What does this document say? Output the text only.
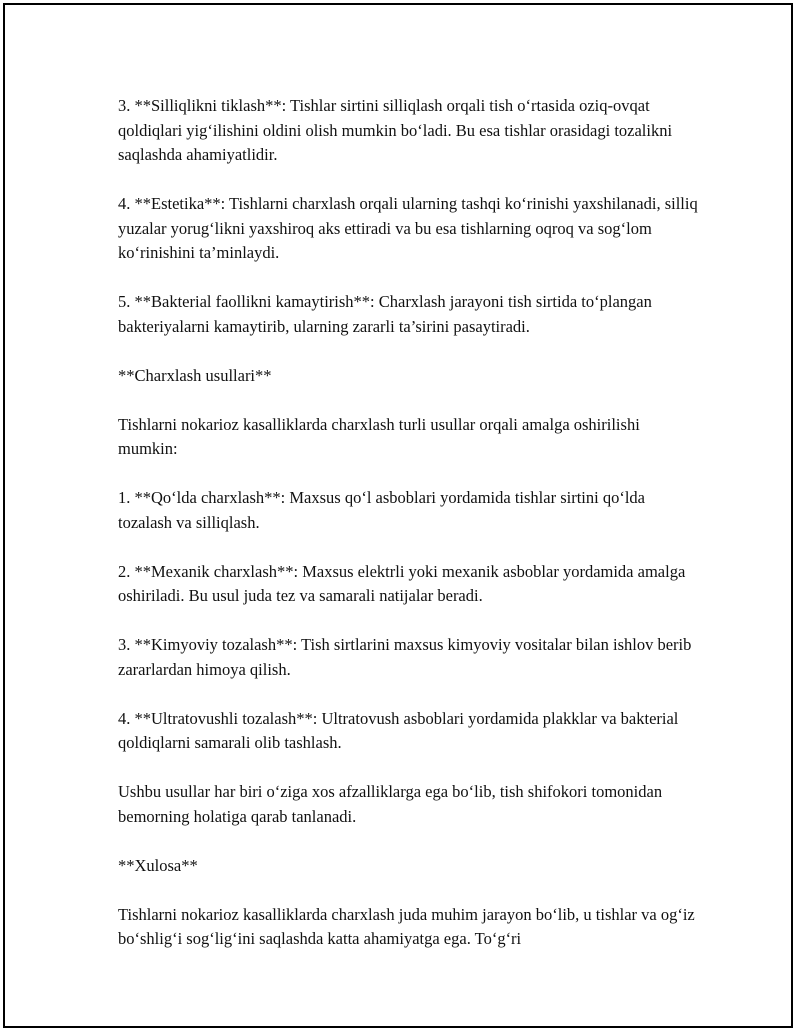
3. **Silliqlikni tiklash**: Tishlar sirtini silliqlash orqali tish o‘rtasida oziq-ovqat qoldiqlari yig‘ilishini oldini olish mumkin bo‘ladi. Bu esa tishlar orasidagi tozalikni saqlashda ahamiyatlidir.

4. **Estetika**: Tishlarni charxlash orqali ularning tashqi ko‘rinishi yaxshilanadi, silliq yuzalar yorug‘likni yaxshiroq aks ettiradi va bu esa tishlarning oqroq va sog‘lom ko‘rinishini ta’minlaydi.

5. **Bakterial faollikni kamaytirish**: Charxlash jarayoni tish sirtida to‘plangan bakteriyalarni kamaytirib, ularning zararli ta’sirini pasaytiradi.

**Charxlash usullari**

Tishlarni nokarioz kasalliklarda charxlash turli usullar orqali amalga oshirilishi mumkin:

1. **Qo‘lda charxlash**: Maxsus qo‘l asboblari yordamida tishlar sirtini qo‘lda tozalash va silliqlash.

2. **Mexanik charxlash**: Maxsus elektrli yoki mexanik asboblar yordamida amalga oshiriladi. Bu usul juda tez va samarali natijalar beradi.

3. **Kimyoviy tozalash**: Tish sirtlarini maxsus kimyoviy vositalar bilan ishlov berib zararlardan himoya qilish.

4. **Ultratovushli tozalash**: Ultratovush asboblari yordamida plakklar va bakterial qoldiqlarni samarali olib tashlash.

Ushbu usullar har biri o‘ziga xos afzalliklarga ega bo‘lib, tish shifokori tomonidan bemorning holatiga qarab tanlanadi.

**Xulosa**

Tishlarni nokarioz kasalliklarda charxlash juda muhim jarayon bo‘lib, u tishlar va og‘iz bo‘shlig‘i sog‘lig‘ini saqlashda katta ahamiyatga ega. To‘g‘ri
